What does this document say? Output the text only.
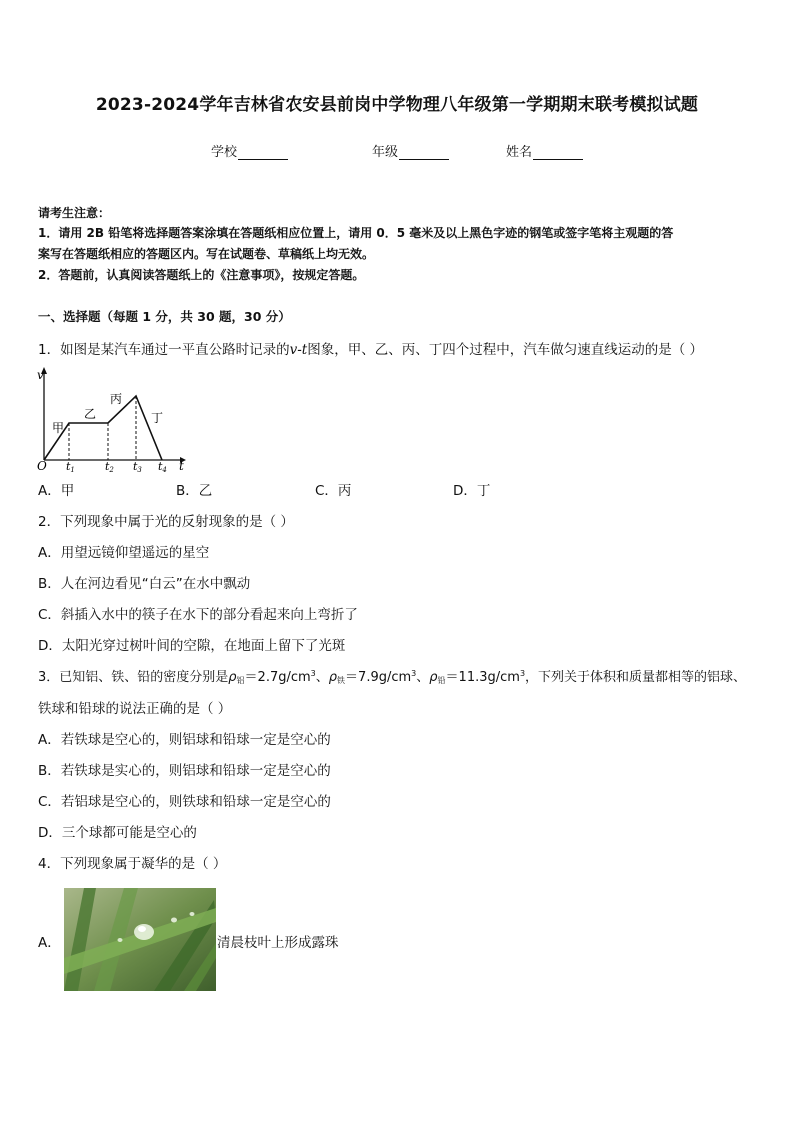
2023-2024学年吉林省农安县前岗中学物理八年级第一学期期末联考模拟试题
学校	年级	姓名
请考生注意：
1．请用 2B 铅笔将选择题答案涂填在答题纸相应位置上，请用 0．5 毫米及以上黑色字迹的钢笔或签字笔将主观题的答
案写在答题纸相应的答题区内。写在试题卷、草稿纸上均无效。
2．答题前，认真阅读答题纸上的《注意事项》，按规定答题。
一、选择题（每题 1 分，共 30 题，30 分）
1．如图是某汽车通过一平直公路时记录的v-t图象，甲、乙、丙、丁四个过程中，汽车做匀速直线运动的是（ ）
v
t
O t1	t2 t3 t4
甲
乙
丙
丁
A．甲	B．乙	C．丙	D．丁
2．下列现象中属于光的反射现象的是（ ）
A．用望远镜仰望遥远的星空
B．人在河边看见“白云”在水中飘动
C．斜插入水中的筷子在水下的部分看起来向上弯折了
D．太阳光穿过树叶间的空隙，在地面上留下了光斑
3．已知铝、铁、铅的密度分别是$\rho_铝=2.7g/cm^3$、$\rho_铁=7.9g/cm^3$、$\rho_铅=11.3g/cm^3$，下列关于体积和质量都相等的铝球、
铁球和铅球的说法正确的是（ ）
A．若铁球是空心的，则铝球和铅球一定是空心的
B．若铁球是实心的，则铝球和铅球一定是空心的
C．若铝球是空心的，则铁球和铅球一定是空心的
D．三个球都可能是空心的
4．下列现象属于凝华的是（ ）
A．	清晨枝叶上形成露珠
